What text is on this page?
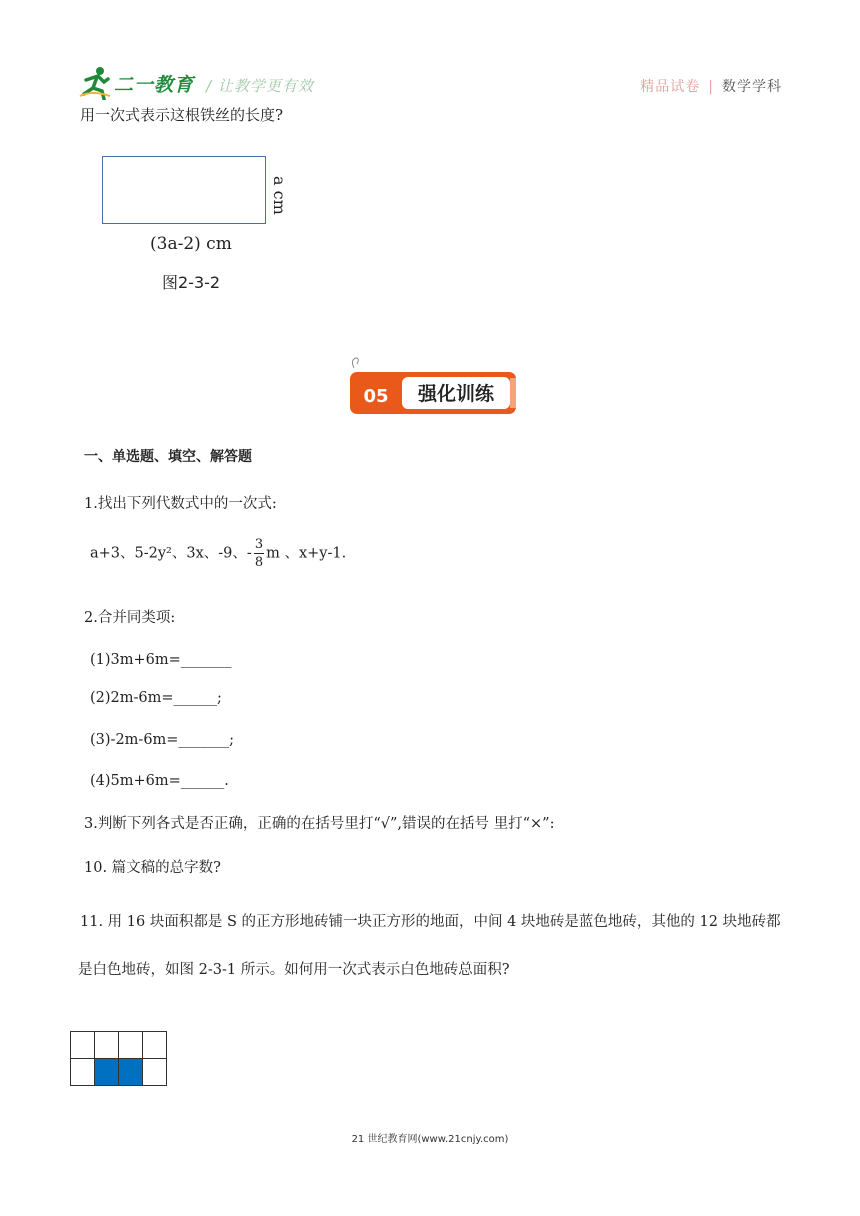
二一教育 / 让教学更有效	精品试卷 | 数学学科
用一次式表示这根铁丝的长度?
a cm
(3a-2) cm
图2-3-2
05 强化训练
一、单选题、填空、解答题
1.找出下列代数式中的一次式:
a+3、5-2y²、3x、-9、- $\frac{3}{8}$ m 、x+y-1.
2.合并同类项:
(1)3m+6m=_______
(2)2m-6m=______;
(3)-2m-6m=_______;
(4)5m+6m=______.
3.判断下列各式是否正确，正确的在括号里打“√”,错误的在括号 里打“×”:
10. 篇文稿的总字数?
11. 用 16 块面积都是 S 的正方形地砖铺一块正方形的地面，中间 4 块地砖是蓝色地砖，其他的 12 块地砖都是白色地砖，如图 2-3-1 所示。如何用一次式表示白色地砖总面积?
21 世纪教育网(www.21cnjy.com)
